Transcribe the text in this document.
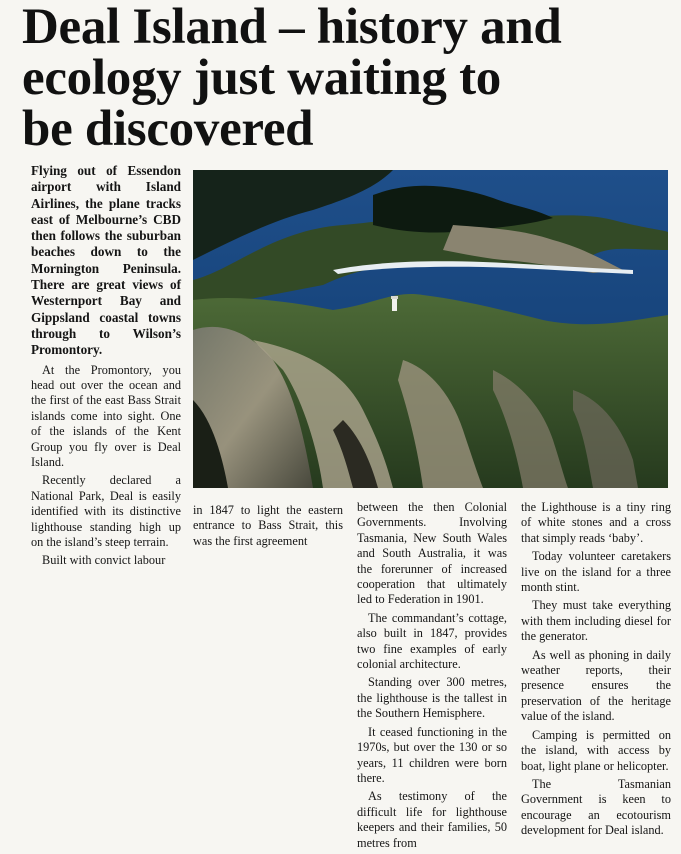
Deal Island – history and
ecology just waiting to
be discovered

Flying out of Essendon airport with Island Airlines, the plane tracks east of Melbourne’s CBD then follows the suburban beaches down to the Mornington Peninsula. There are great views of Westernport Bay and Gippsland coastal towns through to Wilson’s Promontory.

At the Promontory, you head out over the ocean and the first of the east Bass Strait islands come into sight. One of the islands of the Kent Group you fly over is Deal Island.

Recently declared a National Park, Deal is easily identified with its distinctive lighthouse standing high up on the island’s steep terrain.

Built with convict labour

in 1847 to light the eastern entrance to Bass Strait, this was the first agreement

between the then Colonial Governments. Involving Tasmania, New South Wales and South Australia, it was the forerunner of increased cooperation that ultimately led to Federation in 1901.

The commandant’s cottage, also built in 1847, provides two fine examples of early colonial architecture.

Standing over 300 metres, the lighthouse is the tallest in the Southern Hemisphere.

It ceased functioning in the 1970s, but over the 130 or so years, 11 children were born there.

As testimony of the difficult life for lighthouse keepers and their families, 50 metres from

the Lighthouse is a tiny ring of white stones and a cross that simply reads ‘baby’.

Today volunteer caretakers live on the island for a three month stint.

They must take everything with them including diesel for the generator.

As well as phoning in daily weather reports, their presence ensures the preservation of the heritage value of the island.

Camping is permitted on the island, with access by boat, light plane or helicopter.

The Tasmanian Government is keen to encourage an ecotourism development for Deal island.
